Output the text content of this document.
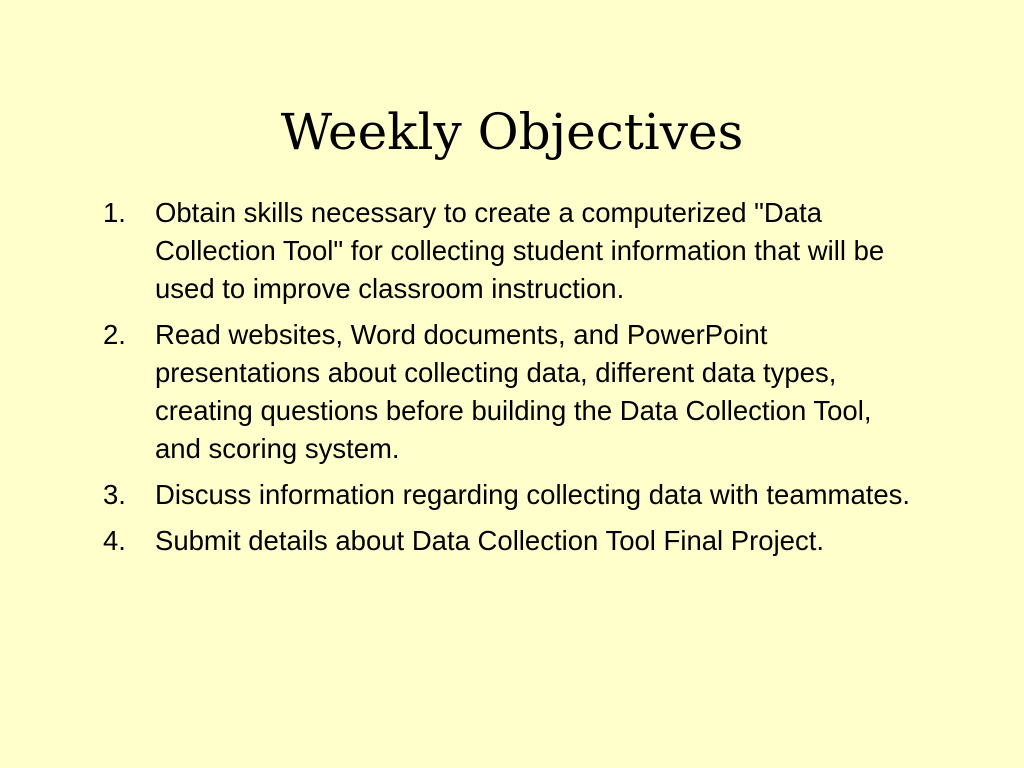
Weekly Objectives
1. Obtain skills necessary to create a computerized "Data Collection Tool" for collecting student information that will be used to improve classroom instruction.
2. Read websites, Word documents, and PowerPoint presentations about collecting data, different data types, creating questions before building the Data Collection Tool, and scoring system.
3. Discuss information regarding collecting data with teammates.
4. Submit details about Data Collection Tool Final Project.
